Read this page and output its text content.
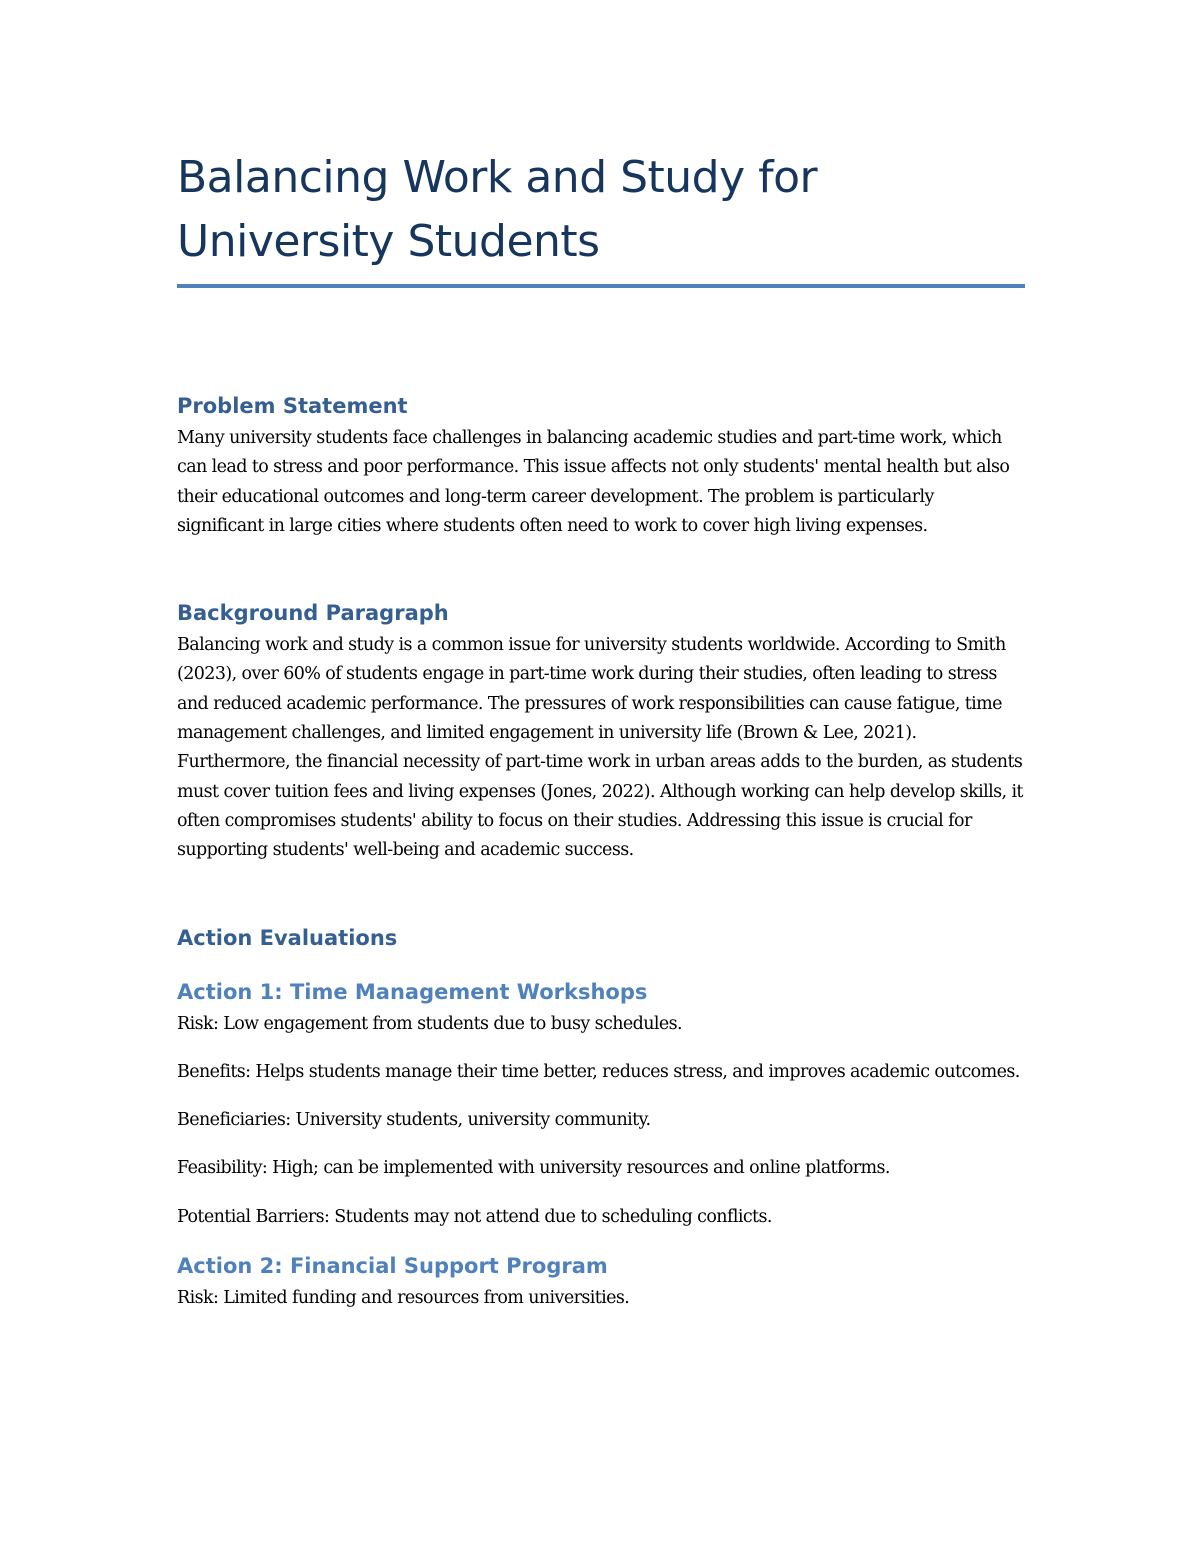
Balancing Work and Study for
University Students
Problem Statement

Many university students face challenges in balancing academic studies and part-time work, which can lead to stress and poor performance. This issue affects not only students' mental health but also their educational outcomes and long-term career development. The problem is particularly significant in large cities where students often need to work to cover high living expenses.

Background Paragraph

Balancing work and study is a common issue for university students worldwide. According to Smith (2023), over 60% of students engage in part-time work during their studies, often leading to stress and reduced academic performance. The pressures of work responsibilities can cause fatigue, time management challenges, and limited engagement in university life (Brown & Lee, 2021). Furthermore, the financial necessity of part-time work in urban areas adds to the burden, as students must cover tuition fees and living expenses (Jones, 2022). Although working can help develop skills, it often compromises students' ability to focus on their studies. Addressing this issue is crucial for supporting students' well-being and academic success.

Action Evaluations
Action 1: Time Management Workshops

Risk: Low engagement from students due to busy schedules.

Benefits: Helps students manage their time better, reduces stress, and improves academic outcomes.

Beneficiaries: University students, university community.

Feasibility: High; can be implemented with university resources and online platforms.

Potential Barriers: Students may not attend due to scheduling conflicts.

Action 2: Financial Support Program

Risk: Limited funding and resources from universities.
